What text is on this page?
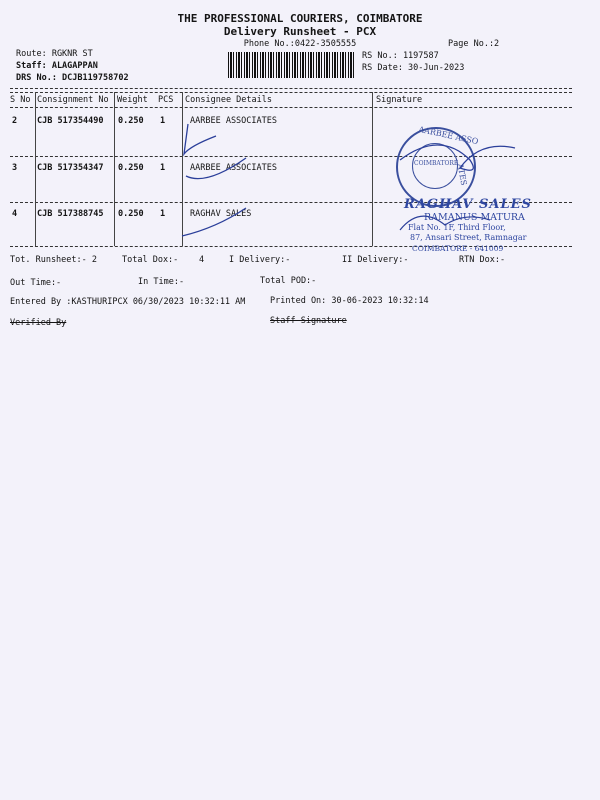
THE PROFESSIONAL COURIERS, COIMBATORE
Delivery Runsheet - PCX
Phone No.:0422-3505555	Page No.:2
Route: RGKNR ST
Staff: ALAGAPPAN
DRS No.: DCJB119758702
RS No.: 1197587
RS Date: 30-Jun-2023
S No Consignment No Weight PCS Consignee Details	Signature
2 CJB 517354490 0.250 1	AARBEE ASSOCIATES
3 CJB 517354347 0.250 1	AARBEE ASSOCIATES
4 CJB 517388745 0.250 1	RAGHAV SALES
AARBEE ASSO
ATES
COIMBATORE
RAGHAV SALES
RAMANUS MATURA
Flat No. 1F, Third Floor,
87, Ansari Street, Ramnagar
COIMBATORE - 641009
Tot. Runsheet:- 2	Total Dox:- 4	I Delivery:-	II Delivery:-	RTN Dox:-
Out Time:-	In Time:-	Total POD:-
Entered By :KASTHURIPCX 06/30/2023 10:32:11 AM	Printed On: 30-06-2023 10:32:14
Verified By	Staff Signature
